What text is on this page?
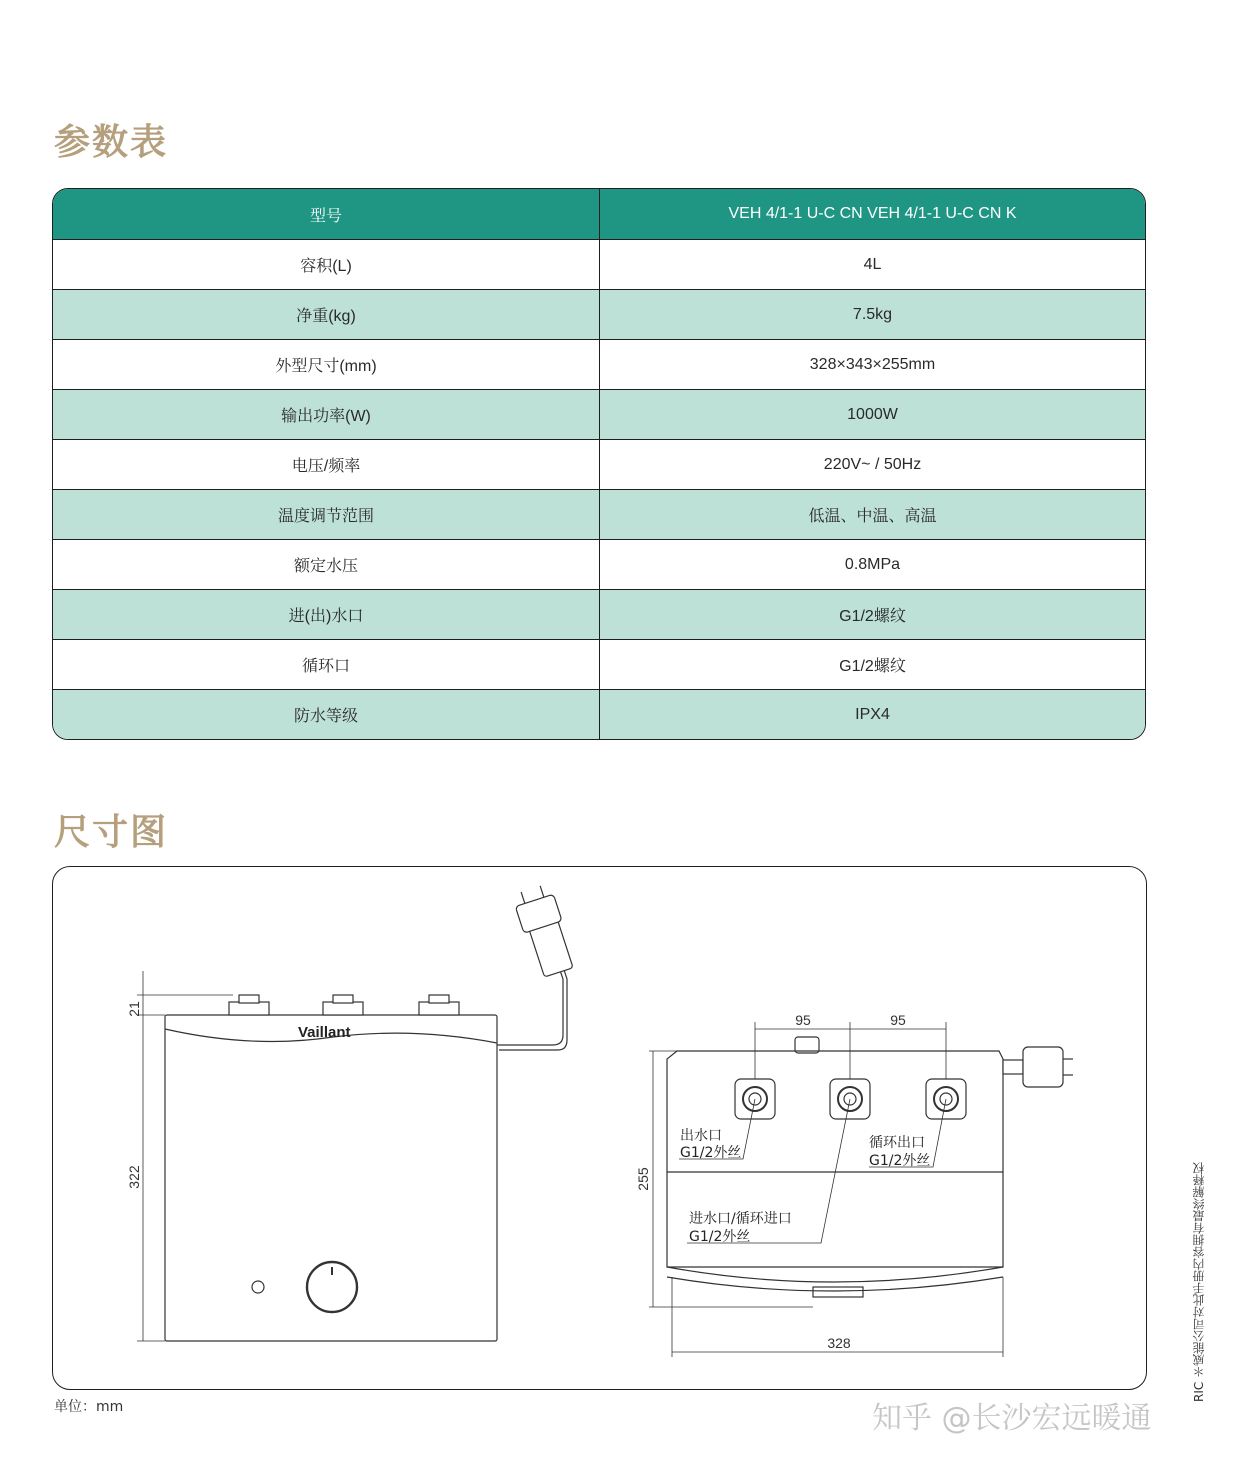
参数表
型号	VEH 4/1-1 U-C CN VEH 4/1-1 U-C CN K
容积(L)	4L
净重(kg)	7.5kg
外型尺寸(mm)	328×343×255mm
输出功率(W)	1000W
电压/频率	220V~ / 50Hz
温度调节范围	低温、中温、高温
额定水压	0.8MPa
进(出)水口	G1/2螺纹
循环口	G1/2螺纹
防水等级	IPX4
尺寸图
Vaillant
21
322
95	95
255
328
出水口
G1/2外丝
循环出口
G1/2外丝
进水口/循环进口
G1/2外丝
单位：mm
RIC ＊威能公司对此手册内容拥有最终解释权
知乎 @长沙宏远暖通
